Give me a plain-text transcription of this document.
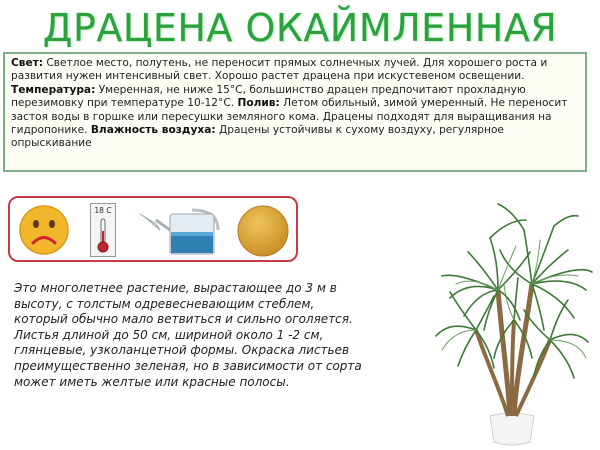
ДРАЦЕНА ОКАЙМЛЕННАЯ

Свет: Светлое место, полутень, не переносит прямых солнечных лучей. Для хорошего роста и развития нужен интенсивный свет. Хорошо растет драцена при искустевеном освещении. Температура: Умеренная, не ниже 15°С, большинство драцен предпочитают прохладную перезимовку при температуре 10-12°С. Полив: Летом обильный, зимой умеренный. Не переносит застоя воды в горшке или пересушки земляного кома. Драцены подходят для выращивания на гидропонике. Влажность воздуха: Драцены устойчивы к сухому воздуху, регулярное опрыскивание

18 С
Это многолетнее растение, вырастающее до 3 м в высоту, с толстым одревесневающим стеблем, который обычно мало ветвиться и сильно оголяется. Листья длиной до 50 см, шириной около 1 -2 см, глянцевые, узколанцетной формы. Окраска листьев преимущественно зеленая, но в зависимости от сорта может иметь желтые или красные полосы.
